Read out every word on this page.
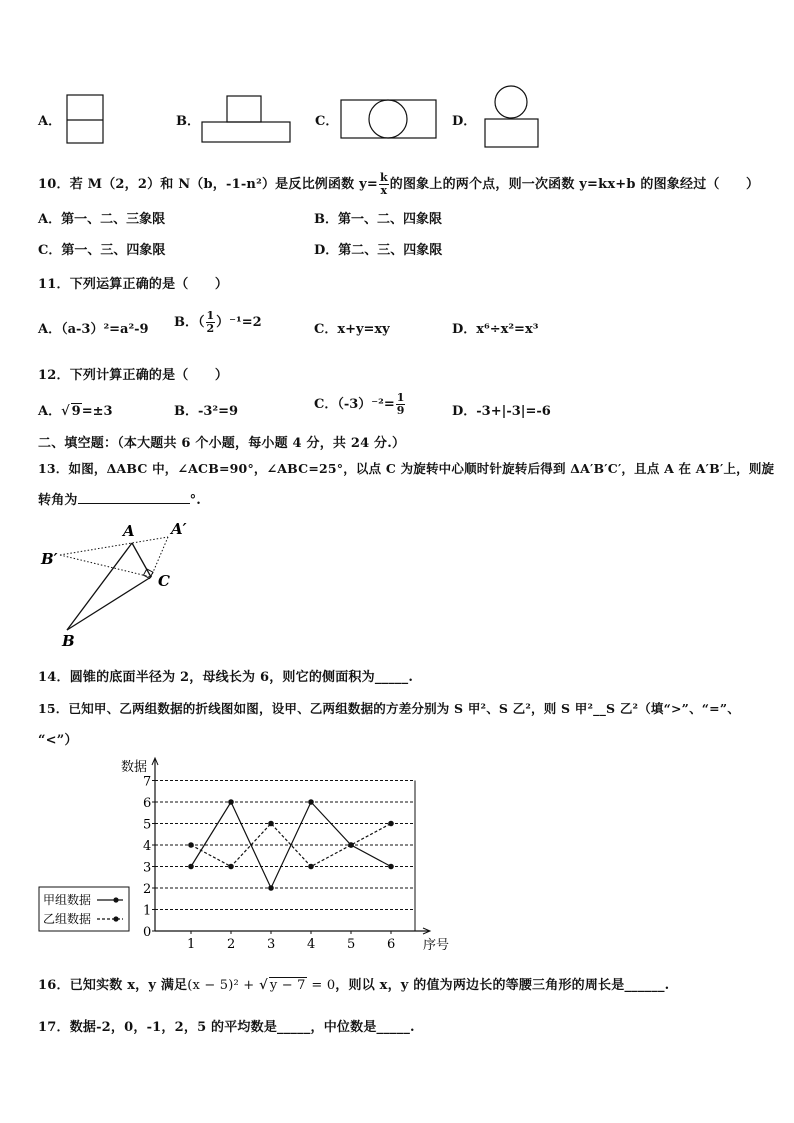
A．	B．	C．	D．
10．若 M（2，2）和 N（b，-1-n²）是反比例函数 $y= \frac{k}{x}$ 的图象上的两个点，则一次函数 y=kx+b 的图象经过（　　）
A．第一、二、三象限	B．第一、二、四象限
C．第一、三、四象限	D．第二、三、四象限
11．下列运算正确的是（　　）
A．（a-3）²=a²-9 B．（ $\frac{1}{2} )^{-1}=2$	C．x+y=xy	D．x⁶÷x²=x³
12．下列计算正确的是（　　）
A．√ 9=±3	B．-3²=9	C．$(-3)^{-2}= \frac{1}{9}$	D．-3+|-3|=-6
二、填空题：（本大题共 6 个小题，每小题 4 分，共 24 分.）
13．如图，ΔABC 中，∠ACB=90°，∠ABC=25°，以点 C 为旋转中心顺时针旋转后得到 ΔA′B′C′，且点 A 在 A′B′上，则旋
转角为	°.
A A′
B′
C
B
14．圆锥的底面半径为 2，母线长为 6，则它的侧面积为_____.
15．已知甲、乙两组数据的折线图如图，设甲、乙两组数据的方差分别为 S 甲²、S 乙²，则 S 甲²__S 乙²（填“>”、“=”、
“<”）
0
1
2
3
4
5
6
7
1 2 3 4 5 6
数据
序号
甲组数据
乙组数据
16．已知实数 x，y 满足(x − 5)² + √ y − 7 = 0，则以 x，y 的值为两边长的等腰三角形的周长是______.
17．数据-2，0，-1，2，5 的平均数是_____，中位数是_____.
